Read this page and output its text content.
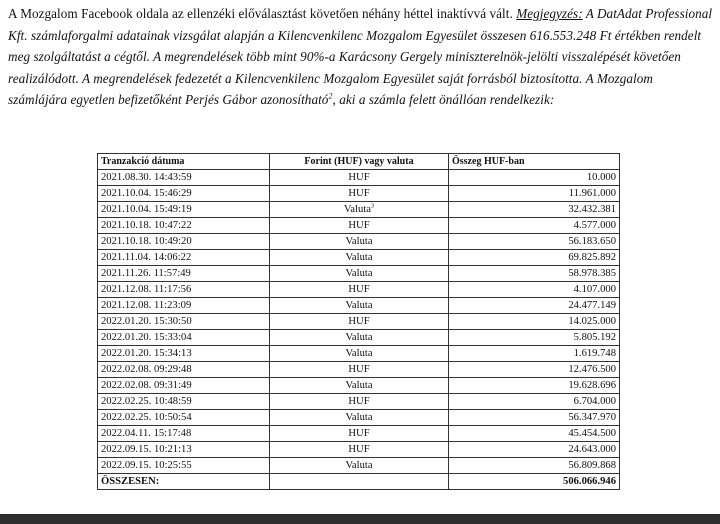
A Mozgalom Facebook oldala az ellenzéki előválasztást követően néhány héttel inaktívvá vált. Megjegyzés: A DatAdat Professional Kft. számlaforgalmi adatainak vizsgálat alapján a Kilencvenkilenc Mozgalom Egyesület összesen 616.553.248 Ft értékben rendelt meg szolgáltatást a cégtől. A megrendelések több mint 90%-a Karácsony Gergely miniszterelnök-jelölti visszalépését követően realizálódott. A megrendelések fedezetét a Kilencvenkilenc Mozgalom Egyesület saját forrásból biztosította. A Mozgalom számlájára egyetlen befizetőként Perjés Gábor azonosítható$^2$, aki a számla felett önállóan rendelkezik:
Tranzakció dátuma	Forint (HUF) vagy valuta	Összeg HUF-ban
2021.08.30. 14:43:59	HUF	10.000
2021.10.04. 15:46:29	HUF	11.961.000
2021.10.04. 15:49:19	Valuta$^3$	32.432.381
2021.10.18. 10:47:22	HUF	4.577.000
2021.10.18. 10:49:20	Valuta	56.183.650
2021.11.04. 14:06:22	Valuta	69.825.892
2021.11.26. 11:57:49	Valuta	58.978.385
2021.12.08. 11:17:56	HUF	4.107.000
2021.12.08. 11:23:09	Valuta	24.477.149
2022.01.20. 15:30:50	HUF	14.025.000
2022.01.20. 15:33:04	Valuta	5.805.192
2022.01.20. 15:34:13	Valuta	1.619.748
2022.02.08. 09:29:48	HUF	12.476.500
2022.02.08. 09:31:49	Valuta	19.628.696
2022.02.25. 10:48:59	HUF	6.704.000
2022.02.25. 10:50:54	Valuta	56.347.970
2022.04.11. 15:17:48	HUF	45.454.500
2022.09.15. 10:21:13	HUF	24.643.000
2022.09.15. 10:25:55	Valuta	56.809.868
ÖSSZESEN:		506.066.946
